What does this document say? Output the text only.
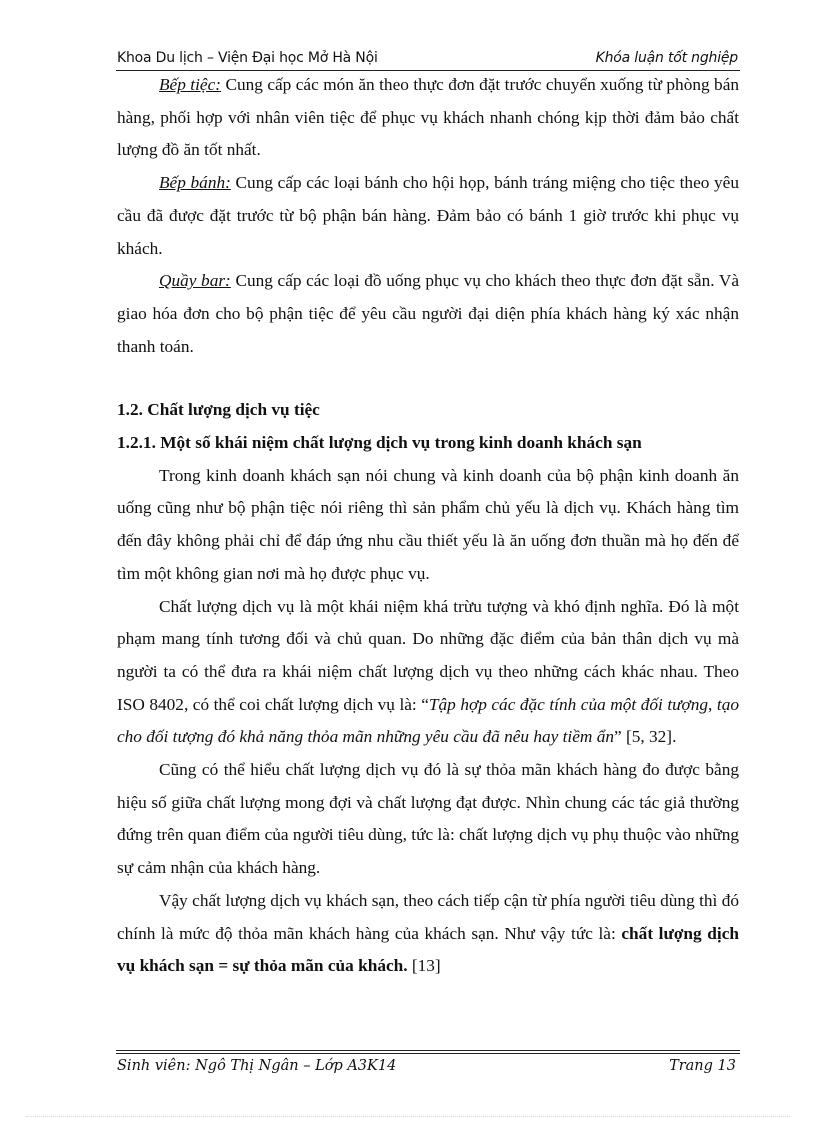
Khoa Du lịch – Viện Đại học Mở Hà Nội	Khóa luận tốt nghiệp

Bếp tiệc: Cung cấp các món ăn theo thực đơn đặt trước chuyển xuống từ phòng bán hàng, phối hợp với nhân viên tiệc để phục vụ khách nhanh chóng kịp thời đảm bảo chất lượng đồ ăn tốt nhất.

Bếp bánh: Cung cấp các loại bánh cho hội họp, bánh tráng miệng cho tiệc theo yêu cầu đã được đặt trước từ bộ phận bán hàng. Đảm bảo có bánh 1 giờ trước khi phục vụ khách.

Quầy bar: Cung cấp các loại đồ uống phục vụ cho khách theo thực đơn đặt sẵn. Và giao hóa đơn cho bộ phận tiệc để yêu cầu người đại diện phía khách hàng ký xác nhận thanh toán.

1.2. Chất lượng dịch vụ tiệc

1.2.1. Một số khái niệm chất lượng dịch vụ trong kinh doanh khách sạn

Trong kinh doanh khách sạn nói chung và kinh doanh của bộ phận kinh doanh ăn uống cũng như bộ phận tiệc nói riêng thì sản phẩm chủ yếu là dịch vụ. Khách hàng tìm đến đây không phải chỉ để đáp ứng nhu cầu thiết yếu là ăn uống đơn thuần mà họ đến để tìm một không gian nơi mà họ được phục vụ.

Chất lượng dịch vụ là một khái niệm khá trừu tượng và khó định nghĩa. Đó là một phạm mang tính tương đối và chủ quan. Do những đặc điểm của bản thân dịch vụ mà người ta có thể đưa ra khái niệm chất lượng dịch vụ theo những cách khác nhau. Theo ISO 8402, có thể coi chất lượng dịch vụ là: “Tập hợp các đặc tính của một đối tượng, tạo cho đối tượng đó khả năng thỏa mãn những yêu cầu đã nêu hay tiềm ẩn” [5, 32].

Cũng có thể hiểu chất lượng dịch vụ đó là sự thỏa mãn khách hàng đo được bằng hiệu số giữa chất lượng mong đợi và chất lượng đạt được. Nhìn chung các tác giả thường đứng trên quan điểm của người tiêu dùng, tức là: chất lượng dịch vụ phụ thuộc vào những sự cảm nhận của khách hàng.

Vậy chất lượng dịch vụ khách sạn, theo cách tiếp cận từ phía người tiêu dùng thì đó chính là mức độ thỏa mãn khách hàng của khách sạn. Như vậy tức là: chất lượng dịch vụ khách sạn = sự thỏa mãn của khách. [13]

Sinh viên: Ngô Thị Ngân – Lớp A3K14	Trang 13
